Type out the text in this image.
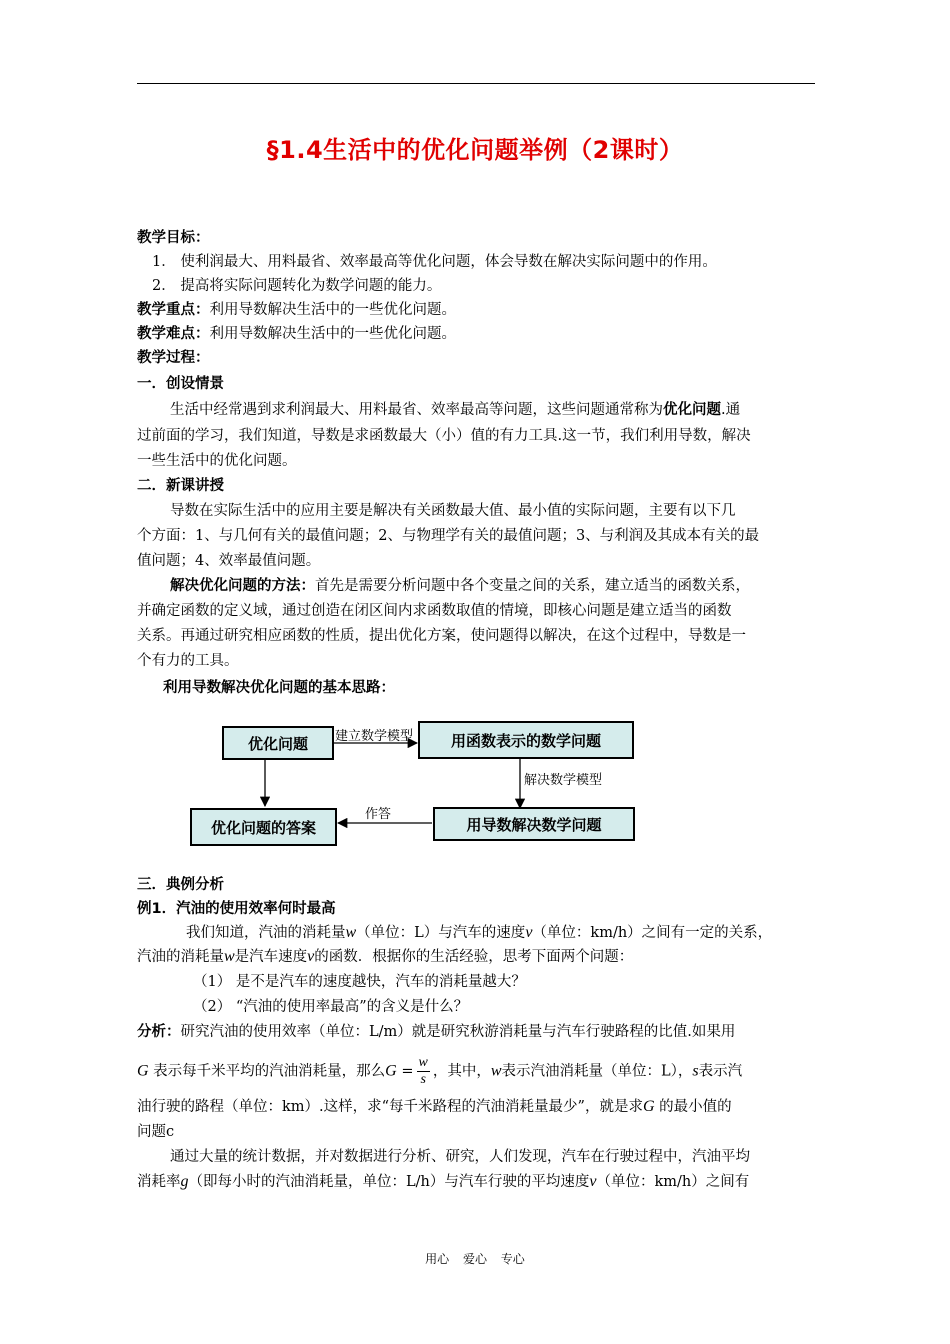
§1.4生活中的优化问题举例（2课时）
教学目标：
1． 使利润最大、用料最省、效率最高等优化问题，体会导数在解决实际问题中的作用。
2． 提高将实际问题转化为数学问题的能力。
教学重点：利用导数解决生活中的一些优化问题。
教学难点：利用导数解决生活中的一些优化问题。
教学过程：
一．创设情景
生活中经常遇到求利润最大、用料最省、效率最高等问题，这些问题通常称为优化问题.通
过前面的学习，我们知道，导数是求函数最大（小）值的有力工具.这一节，我们利用导数，解决
一些生活中的优化问题。
二．新课讲授
导数在实际生活中的应用主要是解决有关函数最大值、最小值的实际问题，主要有以下几
个方面：1、与几何有关的最值问题；2、与物理学有关的最值问题；3、与利润及其成本有关的最
值问题；4、效率最值问题。
解决优化问题的方法：首先是需要分析问题中各个变量之间的关系，建立适当的函数关系，
并确定函数的定义域，通过创造在闭区间内求函数取值的情境，即核心问题是建立适当的函数
关系。再通过研究相应函数的性质，提出优化方案，使问题得以解决，在这个过程中，导数是一
个有力的工具。
利用导数解决优化问题的基本思路：
优化问题	用函数表示的数学问题
用导数解决数学问题
优化问题的答案
建立数学模型
解决数学模型
作答
三．典例分析
例1．汽油的使用效率何时最高
我们知道，汽油的消耗量w（单位：L）与汽车的速度v（单位：km/h）之间有一定的关系，
汽油的消耗量w是汽车速度v的函数．根据你的生活经验，思考下面两个问题：
（1） 是不是汽车的速度越快，汽车的消耗量越大？
（2） “汽油的使用率最高”的含义是什么？
分析：研究汽油的使用效率（单位：L/m）就是研究秋游消耗量与汽车行驶路程的比值.如果用
G 表示每千米平均的汽油消耗量，那么$G = \frac{w}{s}$ ，其中，w表示汽油消耗量（单位：L），s表示汽
油行驶的路程（单位：km）.这样，求“每千米路程的汽油消耗量最少”，就是求G 的最小值的
问题c
通过大量的统计数据，并对数据进行分析、研究，人们发现，汽车在行驶过程中，汽油平均
消耗率g（即每小时的汽油消耗量，单位：L/h）与汽车行驶的平均速度v（单位：km/h）之间有
用心 爱心 专心
